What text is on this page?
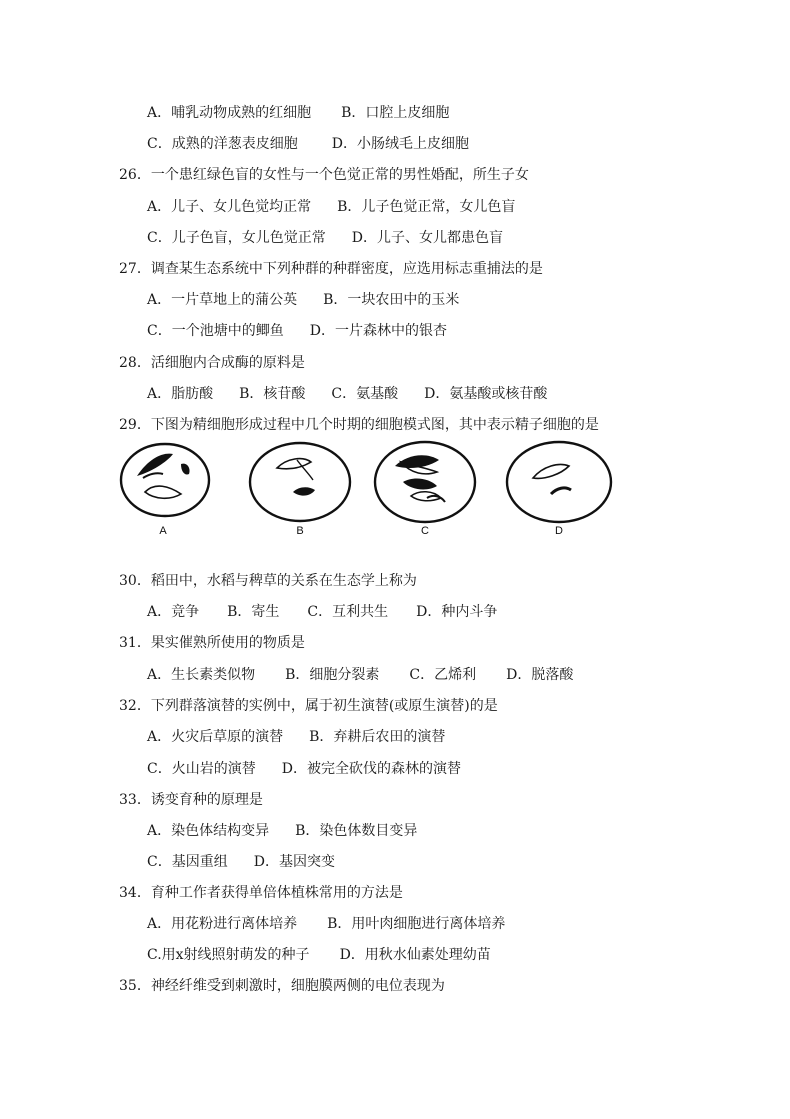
A．哺乳动物成熟的红细胞 B．口腔上皮细胞
C．成熟的洋葱表皮细胞 D．小肠绒毛上皮细胞
26．一个患红绿色盲的女性与一个色觉正常的男性婚配，所生子女
A．儿子、女儿色觉均正常 B．儿子色觉正常，女儿色盲
C．儿子色盲，女儿色觉正常 D．儿子、女儿都患色盲
27．调查某生态系统中下列种群的种群密度，应选用标志重捕法的是
A．一片草地上的蒲公英 B．一块农田中的玉米
C．一个池塘中的鲫鱼 D．一片森林中的银杏
28．活细胞内合成酶的原料是
A．脂肪酸 B．核苷酸 C．氨基酸 D．氨基酸或核苷酸
29．下图为精细胞形成过程中几个时期的细胞模式图，其中表示精子细胞的是
A	B	C	D
30．稻田中，水稻与稗草的关系在生态学上称为
A．竞争 B．寄生 C．互利共生 D．种内斗争
31．果实催熟所使用的物质是
A．生长素类似物 B．细胞分裂素 C．乙烯利 D．脱落酸
32．下列群落演替的实例中，属于初生演替(或原生演替)的是
A．火灾后草原的演替 B．弃耕后农田的演替
C．火山岩的演替 D．被完全砍伐的森林的演替
33．诱变育种的原理是
A．染色体结构变异 B．染色体数目变异
C．基因重组 D．基因突变
34．育种工作者获得单倍体植株常用的方法是
A．用花粉进行离体培养 B．用叶肉细胞进行离体培养
C.用x射线照射萌发的种子 D．用秋水仙素处理幼苗
35．神经纤维受到刺激时，细胞膜两侧的电位表现为
